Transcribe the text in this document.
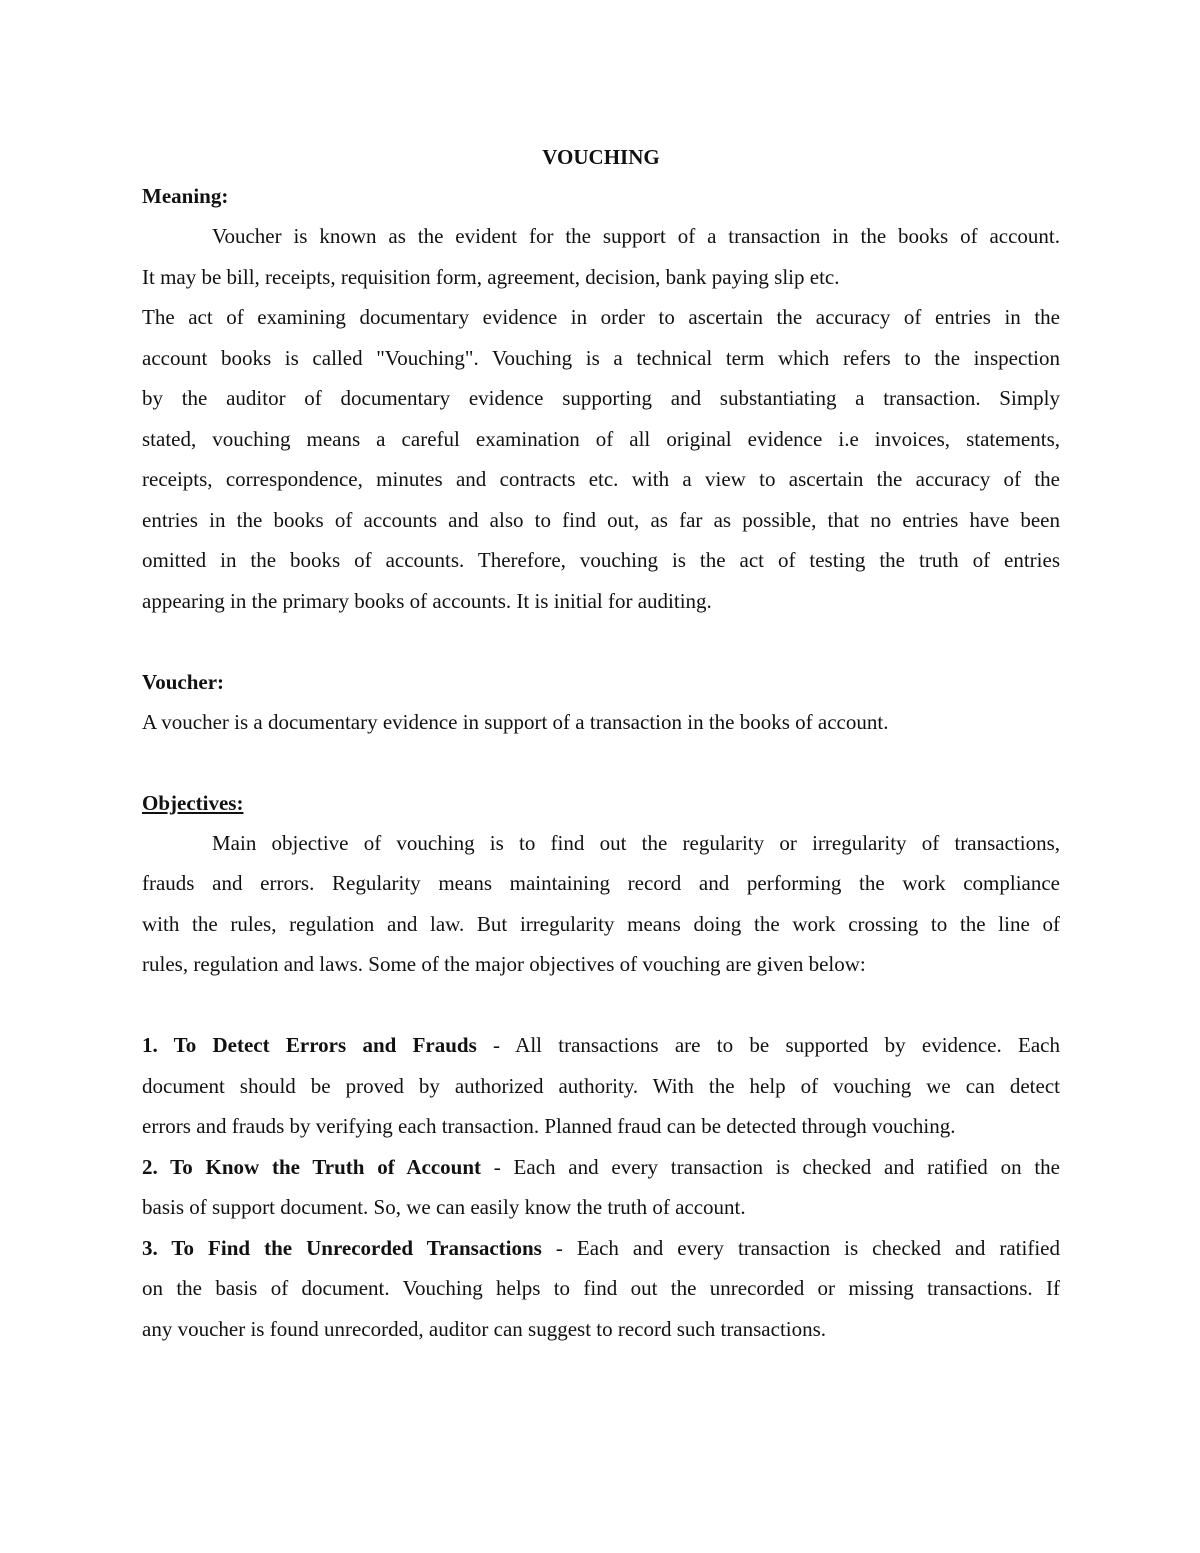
VOUCHING
Meaning:
Voucher is known as the evident for the support of a transaction in the books of account.
It may be bill, receipts, requisition form, agreement, decision, bank paying slip etc.
The act of examining documentary evidence in order to ascertain the accuracy of entries in the
account books is called "Vouching". Vouching is a technical term which refers to the inspection
by the auditor of documentary evidence supporting and substantiating a transaction. Simply
stated, vouching means a careful examination of all original evidence i.e invoices, statements,
receipts, correspondence, minutes and contracts etc. with a view to ascertain the accuracy of the
entries in the books of accounts and also to find out, as far as possible, that no entries have been
omitted in the books of accounts. Therefore, vouching is the act of testing the truth of entries
appearing in the primary books of accounts. It is initial for auditing.
Voucher:
A voucher is a documentary evidence in support of a transaction in the books of account.
Objectives:
Main objective of vouching is to find out the regularity or irregularity of transactions,
frauds and errors. Regularity means maintaining record and performing the work compliance
with the rules, regulation and law. But irregularity means doing the work crossing to the line of
rules, regulation and laws. Some of the major objectives of vouching are given below:
1. To Detect Errors and Frauds - All transactions are to be supported by evidence. Each
document should be proved by authorized authority. With the help of vouching we can detect
errors and frauds by verifying each transaction. Planned fraud can be detected through vouching.
2. To Know the Truth of Account - Each and every transaction is checked and ratified on the
basis of support document. So, we can easily know the truth of account.
3. To Find the Unrecorded Transactions - Each and every transaction is checked and ratified
on the basis of document. Vouching helps to find out the unrecorded or missing transactions. If
any voucher is found unrecorded, auditor can suggest to record such transactions.
